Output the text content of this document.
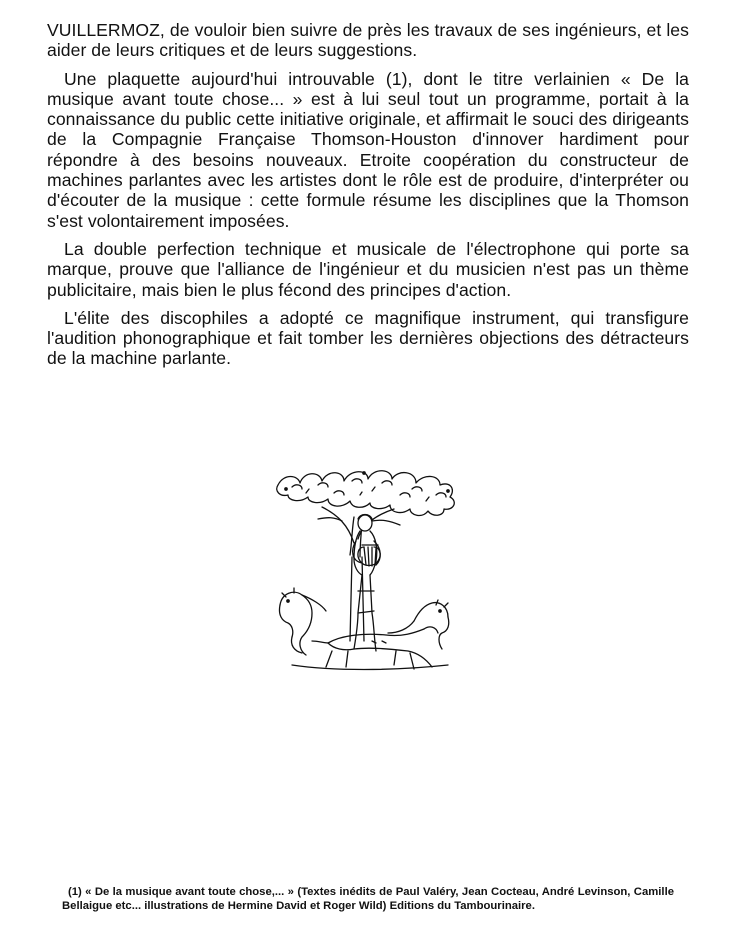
VUILLERMOZ, de vouloir bien suivre de près les travaux de ses ingénieurs, et les aider de leurs critiques et de leurs suggestions.

Une plaquette aujourd'hui introuvable (1), dont le titre verlainien « De la musique avant toute chose... » est à lui seul tout un programme, portait à la connaissance du public cette initiative originale, et affirmait le souci des dirigeants de la Compagnie Française Thomson-Houston d'innover hardiment pour répondre à des besoins nouveaux. Etroite coopération du constructeur de machines parlantes avec les artistes dont le rôle est de produire, d'interpréter ou d'écouter de la musique : cette formule résume les disciplines que la Thomson s'est volontairement imposées.

La double perfection technique et musicale de l'électrophone qui porte sa marque, prouve que l'alliance de l'ingénieur et du musicien n'est pas un thème publicitaire, mais bien le plus fécond des principes d'action.

L'élite des discophiles a adopté ce magnifique instrument, qui transfigure l'audition phonographique et fait tomber les dernières objections des détracteurs de la machine parlante.

(1) « De la musique avant toute chose,... » (Textes inédits de Paul Valéry, Jean Cocteau, André Levinson, Camille Bellaigue etc... illustrations de Hermine David et Roger Wild) Editions du Tambourinaire.
